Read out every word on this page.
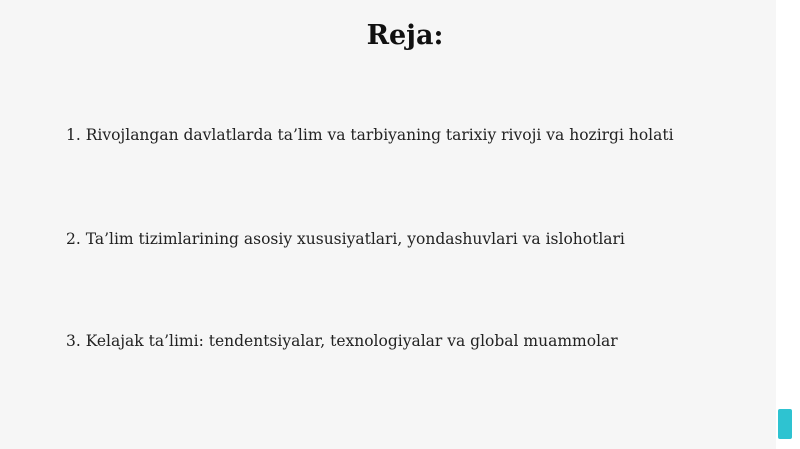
Reja:
1. Rivojlangan davlatlarda ta’lim va tarbiyaning tarixiy rivoji va hozirgi holati
2. Ta’lim tizimlarining asosiy xususiyatlari, yondashuvlari va islohotlari
3. Kelajak ta’limi: tendentsiyalar, texnologiyalar va global muammolar
